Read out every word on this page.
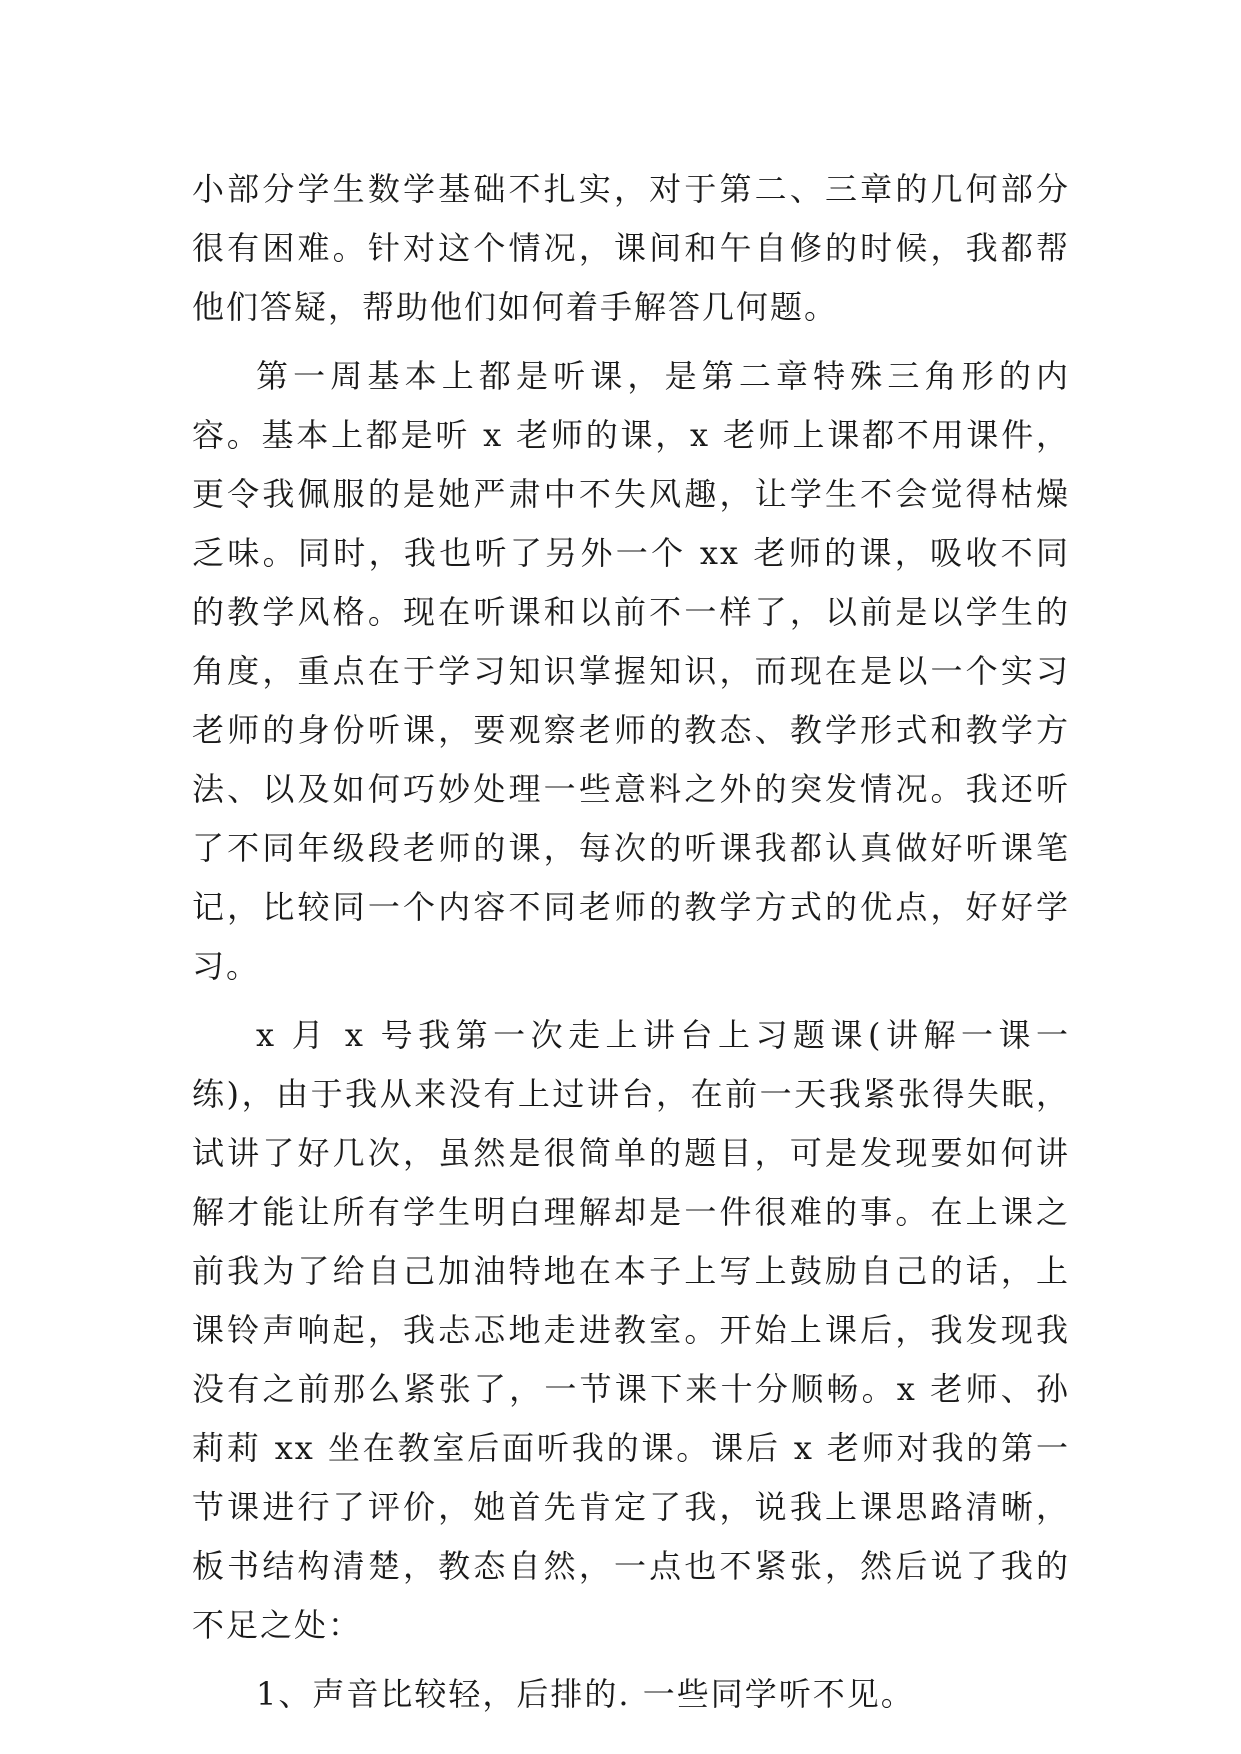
小部分学生数学基础不扎实，对于第二、三章的几何部分很有困难。针对这个情况，课间和午自修的时候，我都帮他们答疑，帮助他们如何着手解答几何题。

第一周基本上都是听课，是第二章特殊三角形的内容。基本上都是听 x 老师的课，x 老师上课都不用课件，更令我佩服的是她严肃中不失风趣，让学生不会觉得枯燥乏味。同时，我也听了另外一个 xx 老师的课，吸收不同的教学风格。现在听课和以前不一样了，以前是以学生的角度，重点在于学习知识掌握知识，而现在是以一个实习老师的身份听课，要观察老师的教态、教学形式和教学方法、以及如何巧妙处理一些意料之外的突发情况。我还听了不同年级段老师的课，每次的听课我都认真做好听课笔记，比较同一个内容不同老师的教学方式的优点，好好学习。

x 月 x 号我第一次走上讲台上习题课(讲解一课一练)，由于我从来没有上过讲台，在前一天我紧张得失眠，试讲了好几次，虽然是很简单的题目，可是发现要如何讲解才能让所有学生明白理解却是一件很难的事。在上课之前我为了给自己加油特地在本子上写上鼓励自己的话，上课铃声响起，我忐忑地走进教室。开始上课后，我发现我没有之前那么紧张了，一节课下来十分顺畅。x 老师、孙莉莉 xx 坐在教室后面听我的课。课后 x 老师对我的第一节课进行了评价，她首先肯定了我，说我上课思路清晰，板书结构清楚，教态自然，一点也不紧张，然后说了我的不足之处：

1、声音比较轻，后排的. 一些同学听不见。
